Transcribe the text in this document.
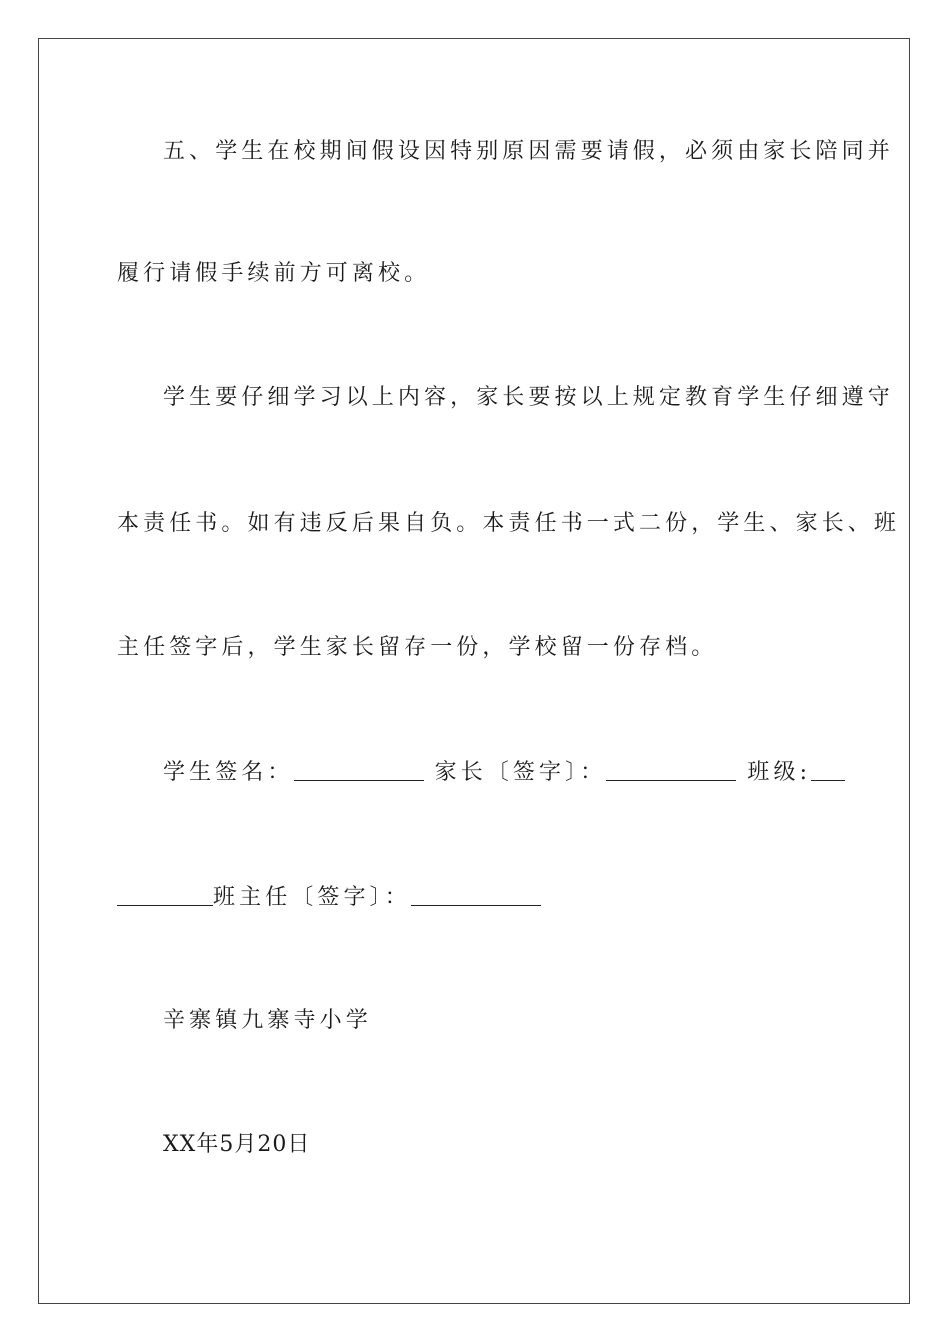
五、学生在校期间假设因特别原因需要请假，必须由家长陪同并
履行请假手续前方可离校。
学生要仔细学习以上内容，家长要按以上规定教育学生仔细遵守
本责任书。如有违反后果自负。本责任书一式二份，学生、家长、班
主任签字后，学生家长留存一份，学校留一份存档。
学生签名：	家长〔签字〕：	班级:
班主任〔签字〕：
辛寨镇九寨寺小学
XX年5月20日
